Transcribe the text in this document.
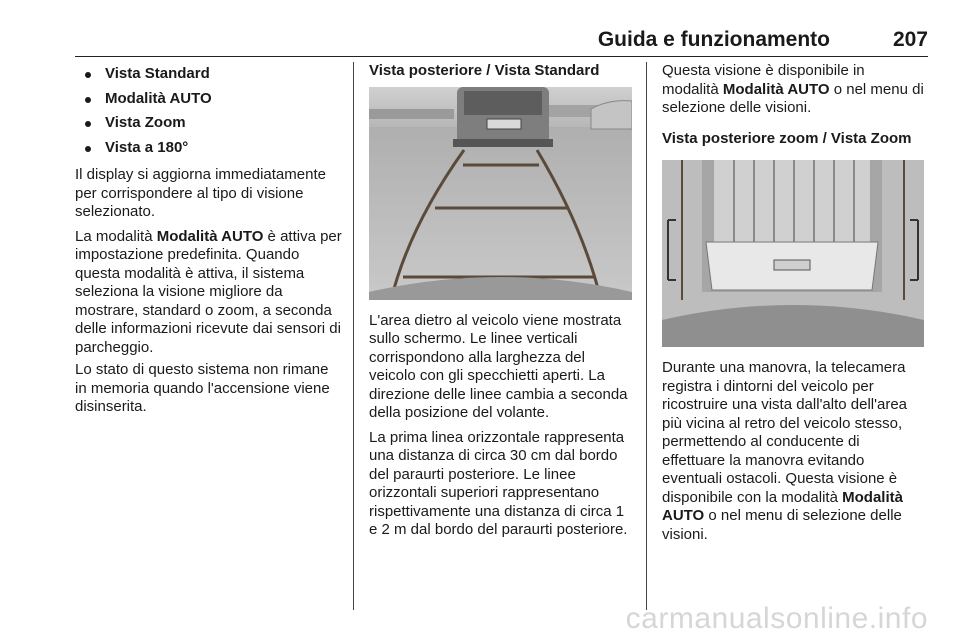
Guida e funzionamento	207
Vista Standard
Modalità AUTO
Vista Zoom
Vista a 180°

Il display si aggiorna immediatamente per corrispondere al tipo di visione selezionato.

La modalità Modalità AUTO è attiva per impostazione predefinita. Quando questa modalità è attiva, il sistema seleziona la visione migliore da mostrare, standard o zoom, a seconda delle informazioni ricevute dai sensori di parcheggio.

Lo stato di questo sistema non rimane in memoria quando l'accensione viene disinserita.

Vista posteriore / Vista Standard

L'area dietro al veicolo viene mostrata sullo schermo. Le linee verticali corrispondono alla larghezza del veicolo con gli specchietti aperti. La direzione delle linee cambia a seconda della posizione del volante.

La prima linea orizzontale rappresenta una distanza di circa 30 cm dal bordo del paraurti posteriore. Le linee orizzontali superiori rappresentano rispettivamente una distanza di circa 1 e 2 m dal bordo del paraurti posteriore.

Questa visione è disponibile in modalità Modalità AUTO o nel menu di selezione delle visioni.

Vista posteriore zoom / Vista Zoom

Durante una manovra, la telecamera registra i dintorni del veicolo per ricostruire una vista dall'alto dell'area più vicina al retro del veicolo stesso, permettendo al conducente di effettuare la manovra evitando eventuali ostacoli. Questa visione è disponibile con la modalità Modalità AUTO o nel menu di selezione delle visioni.

carmanualsonline.info
